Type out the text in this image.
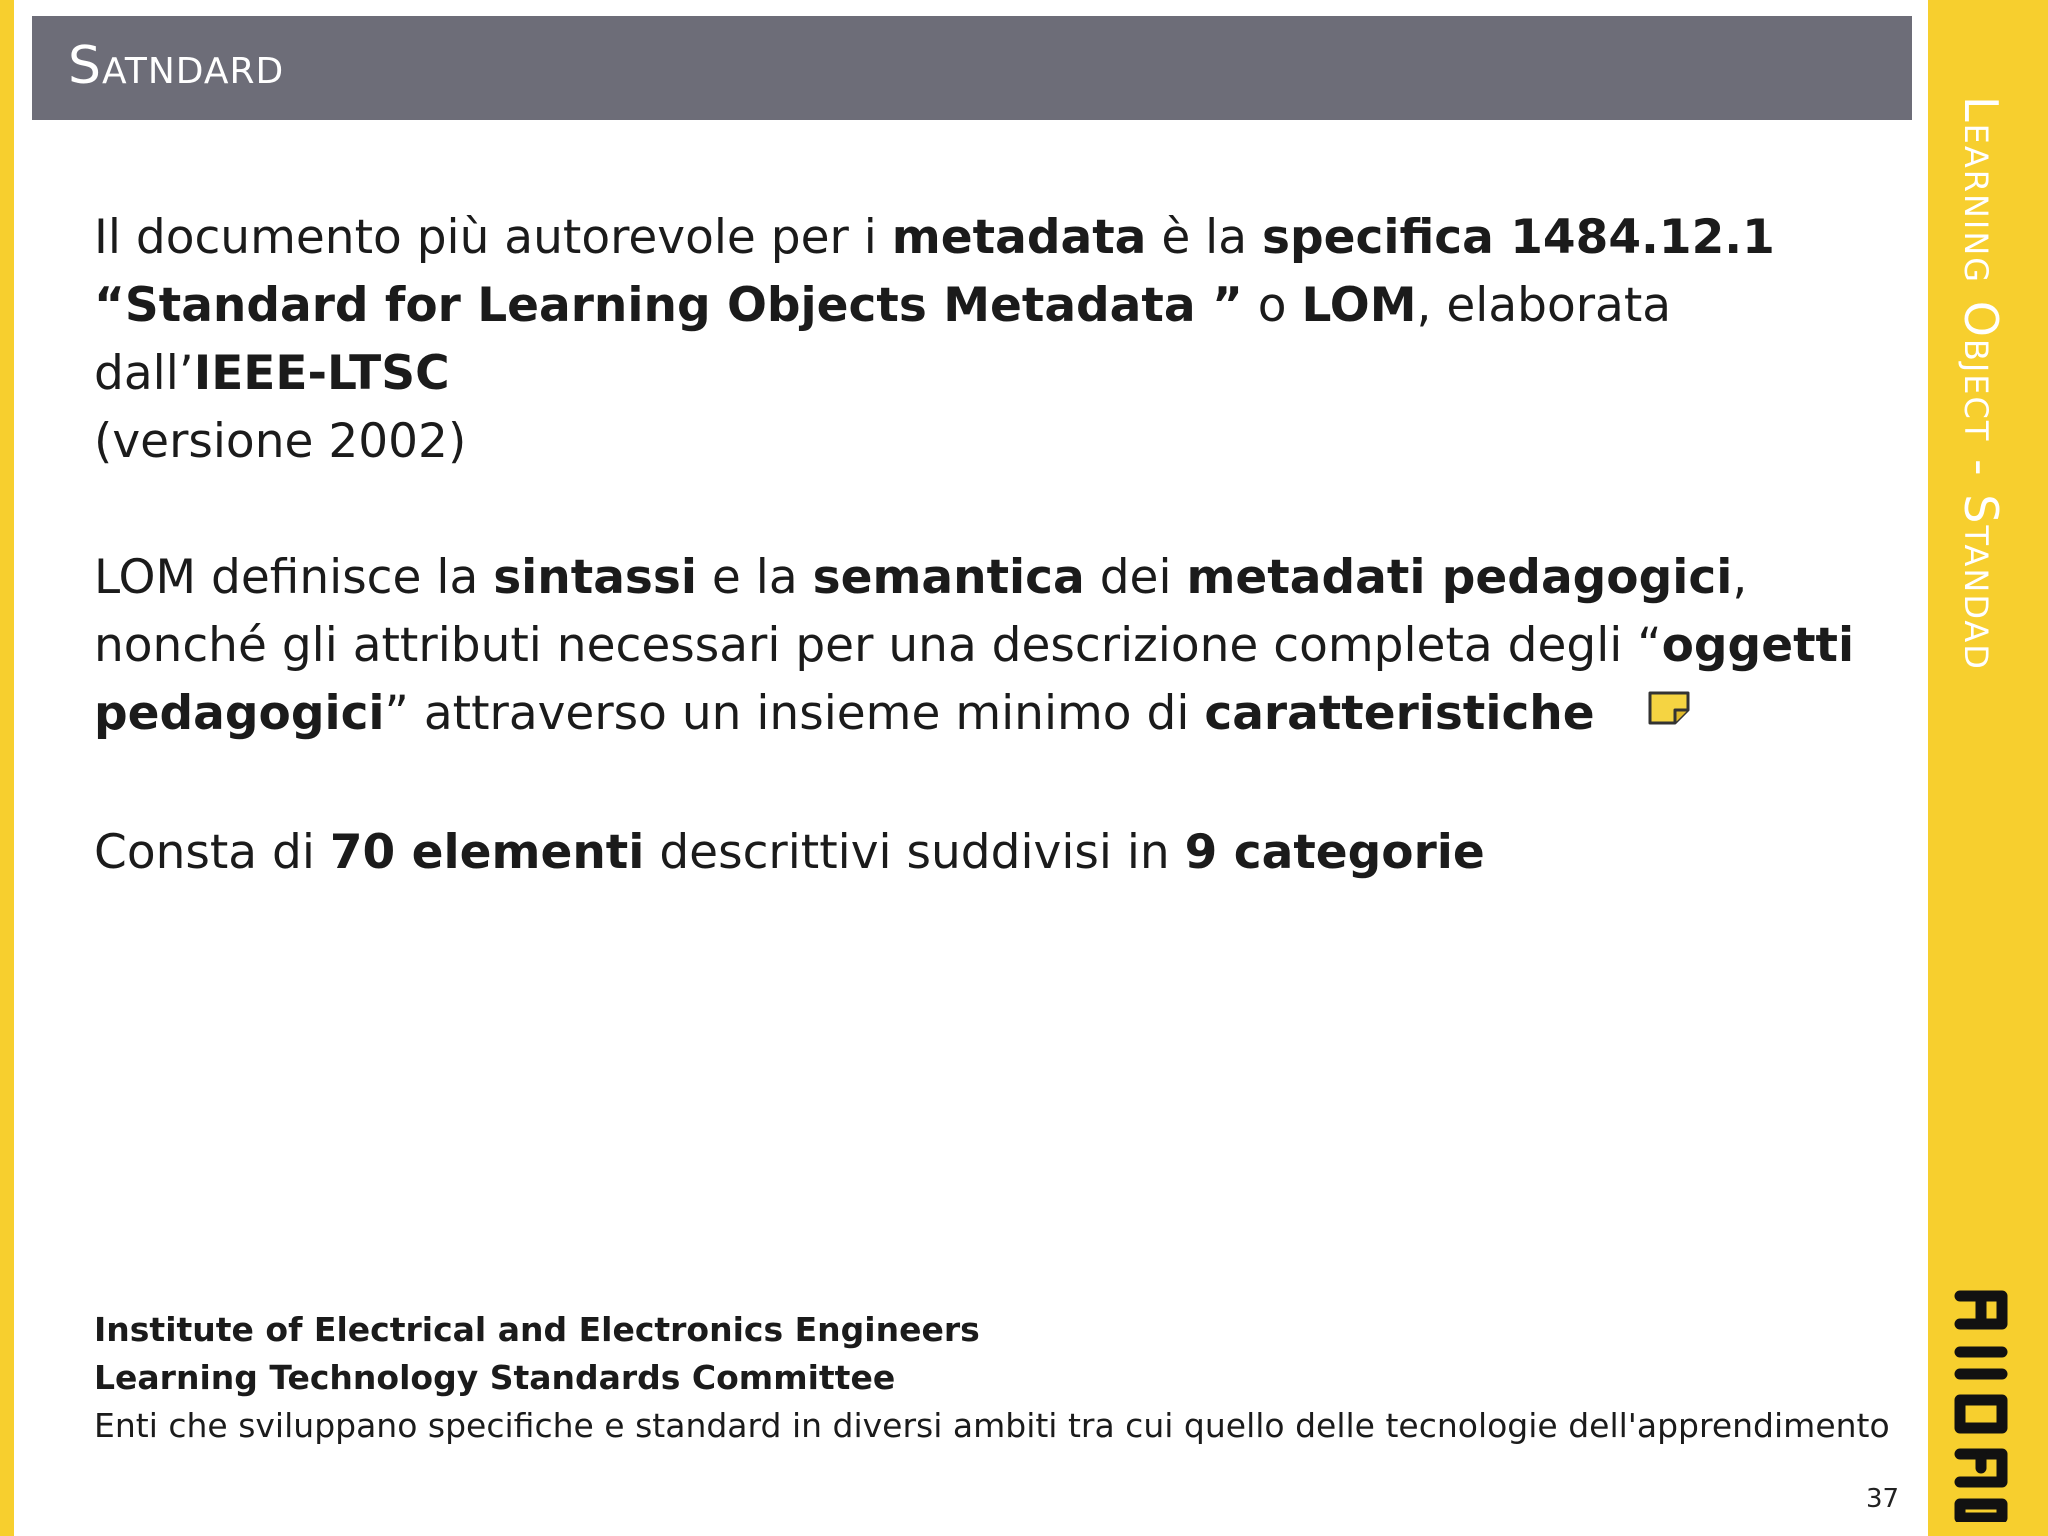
Satndard

Il documento più autorevole per i metadata è la specifica 1484.12.1
“Standard for Learning Objects Metadata ” o LOM, elaborata dall’IEEE-LTSC
(versione 2002)

LOM definisce la sintassi e la semantica dei metadati pedagogici, nonché gli attributi necessari per una descrizione completa degli “oggetti pedagogici” attraverso un insieme minimo di caratteristiche

Consta di 70 elementi descrittivi suddivisi in 9 categorie

Institute of Electrical and Electronics Engineers
Learning Technology Standards Committee
Enti che sviluppano specifiche e standard in diversi ambiti tra cui quello delle tecnologie dell'apprendimento
37
Learning Object - Standad
